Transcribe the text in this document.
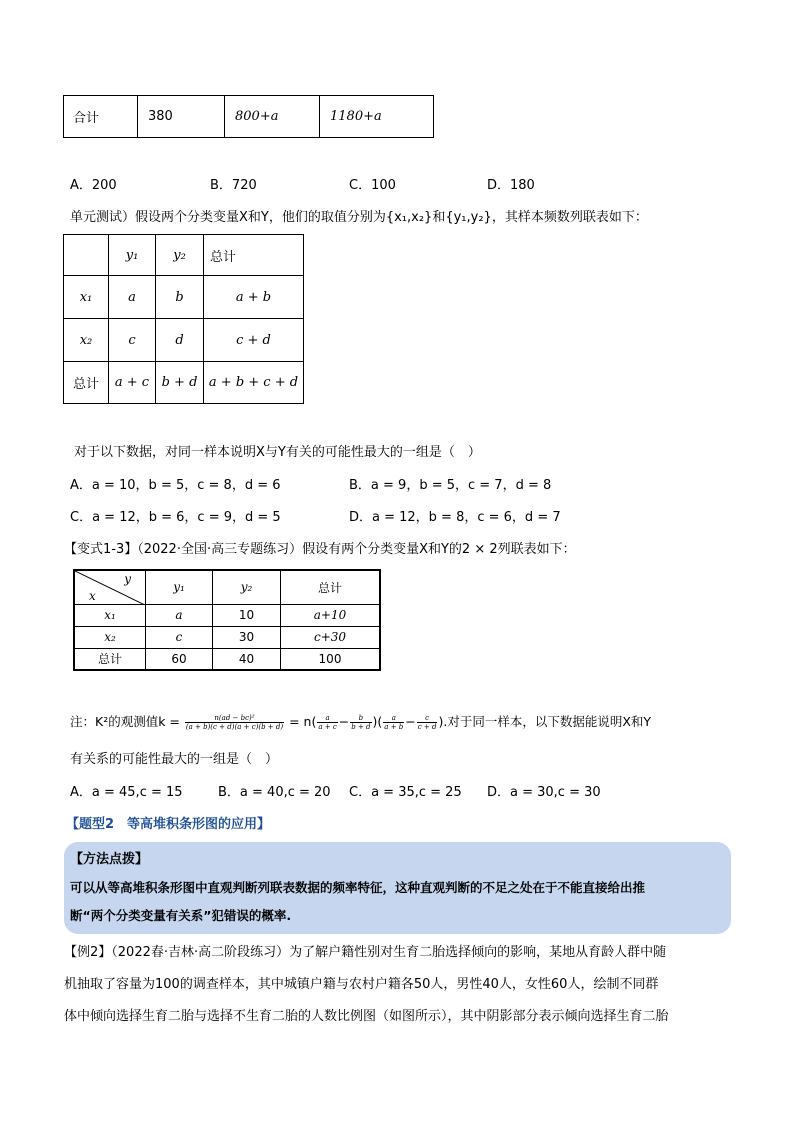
合计	380	800+a	1180+a
A．200	B．720	C．100	D．180
单元测试）假设两个分类变量X和Y，他们的取值分别为{x₁,x₂}和{y₁,y₂}，其样本频数列联表如下：
	y₁	y₂	总计
x₁	a	b	a + b
x₂	c	d	c + d
总计	a + c	b + d	a + b + c + d
对于以下数据，对同一样本说明X与Y有关的可能性最大的一组是（　）
A．a = 10，b = 5，c = 8，d = 6	B．a = 9，b = 5，c = 7，d = 8
C．a = 12，b = 6，c = 9，d = 5	D．a = 12，b = 8，c = 6，d = 7
【变式1-3】（2022·全国·高三专题练习）假设有两个分类变量X和Y的2 × 2列联表如下：
y
x	y₁	y₂	总计
x₁	a	10	a+10
x₂	c	30	c+30
总计	60	40	100
注：K²的观测值$k = \frac{\text{n(ad − bc)²}}{(a + b)(c + d)(a + c)(b + d)} = n( \frac{a}{a + c} - \frac{b}{b + d}$ )( $\frac{a}{a + b} - \frac{c}{c + d}$ ).对于同一样本，以下数据能说明X和Y
有关系的可能性最大的一组是（　）
A．a = 45,c = 15	B．a = 40,c = 20 C．a = 35,c = 25 D．a = 30,c = 30
【题型2　等高堆积条形图的应用】
【方法点拨】
可以从等高堆积条形图中直观判断列联表数据的频率特征，这种直观判断的不足之处在于不能直接给出推
断“两个分类变量有关系”犯错误的概率.
【例2】（2022春·吉林·高二阶段练习）为了解户籍性别对生育二胎选择倾向的影响，某地从育龄人群中随
机抽取了容量为100的调查样本，其中城镇户籍与农村户籍各50人，男性40人，女性60人，绘制不同群
体中倾向选择生育二胎与选择不生育二胎的人数比例图（如图所示），其中阴影部分表示倾向选择生育二胎
